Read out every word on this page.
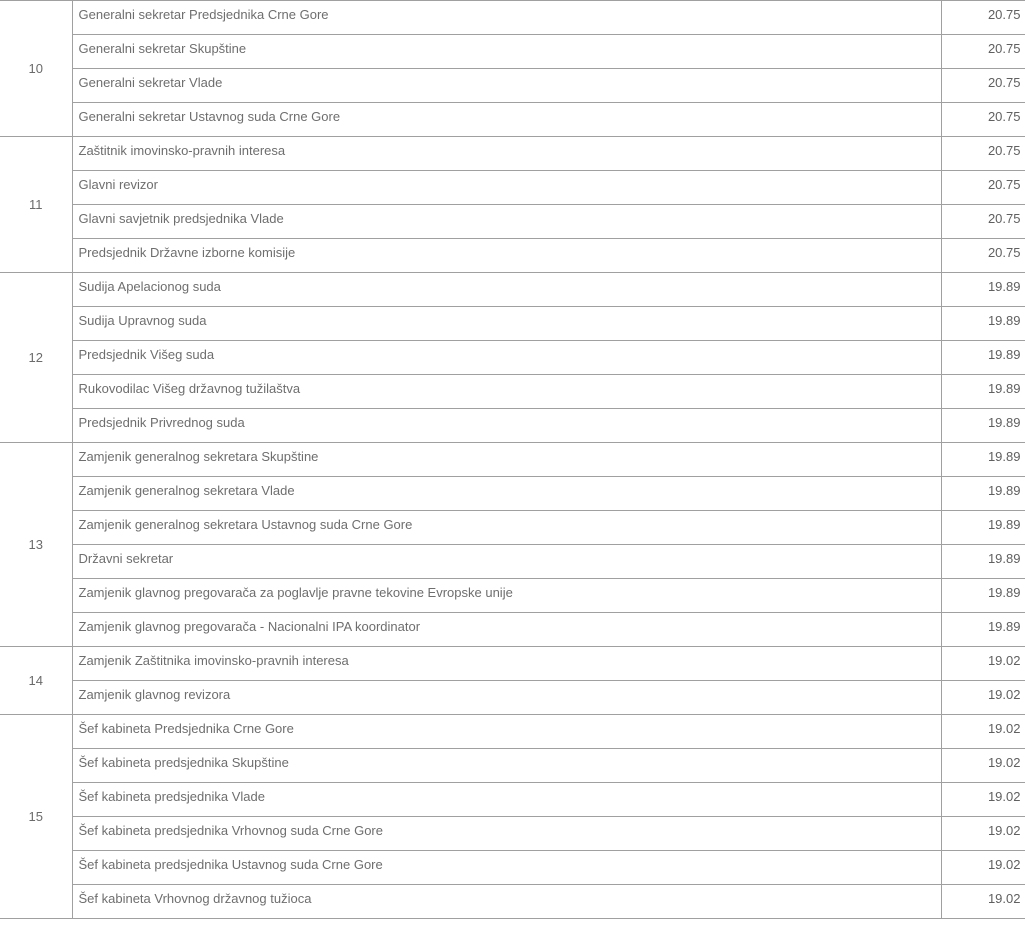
10	Generalni sekretar Predsjednika Crne Gore	20.75
	Generalni sekretar Skupštine	20.75
	Generalni sekretar Vlade	20.75
	Generalni sekretar Ustavnog suda Crne Gore	20.75
11	Zaštitnik imovinsko-pravnih interesa	20.75
	Glavni revizor	20.75
	Glavni savjetnik predsjednika Vlade	20.75
	Predsjednik Državne izborne komisije	20.75
12	Sudija Apelacionog suda	19.89
	Sudija Upravnog suda	19.89
	Predsjednik Višeg suda	19.89
	Rukovodilac Višeg državnog tužilaštva	19.89
	Predsjednik Privrednog suda	19.89
13	Zamjenik generalnog sekretara Skupštine	19.89
	Zamjenik generalnog sekretara Vlade	19.89
	Zamjenik generalnog sekretara Ustavnog suda Crne Gore	19.89
	Državni sekretar	19.89
	Zamjenik glavnog pregovarača za poglavlje pravne tekovine Evropske unije	19.89
	Zamjenik glavnog pregovarača - Nacionalni IPA koordinator	19.89
14	Zamjenik Zaštitnika imovinsko-pravnih interesa	19.02
	Zamjenik glavnog revizora	19.02
15	Šef kabineta Predsjednika Crne Gore	19.02
	Šef kabineta predsjednika Skupštine	19.02
	Šef kabineta predsjednika Vlade	19.02
	Šef kabineta predsjednika Vrhovnog suda Crne Gore	19.02
	Šef kabineta predsjednika Ustavnog suda Crne Gore	19.02
	Šef kabineta Vrhovnog državnog tužioca	19.02
